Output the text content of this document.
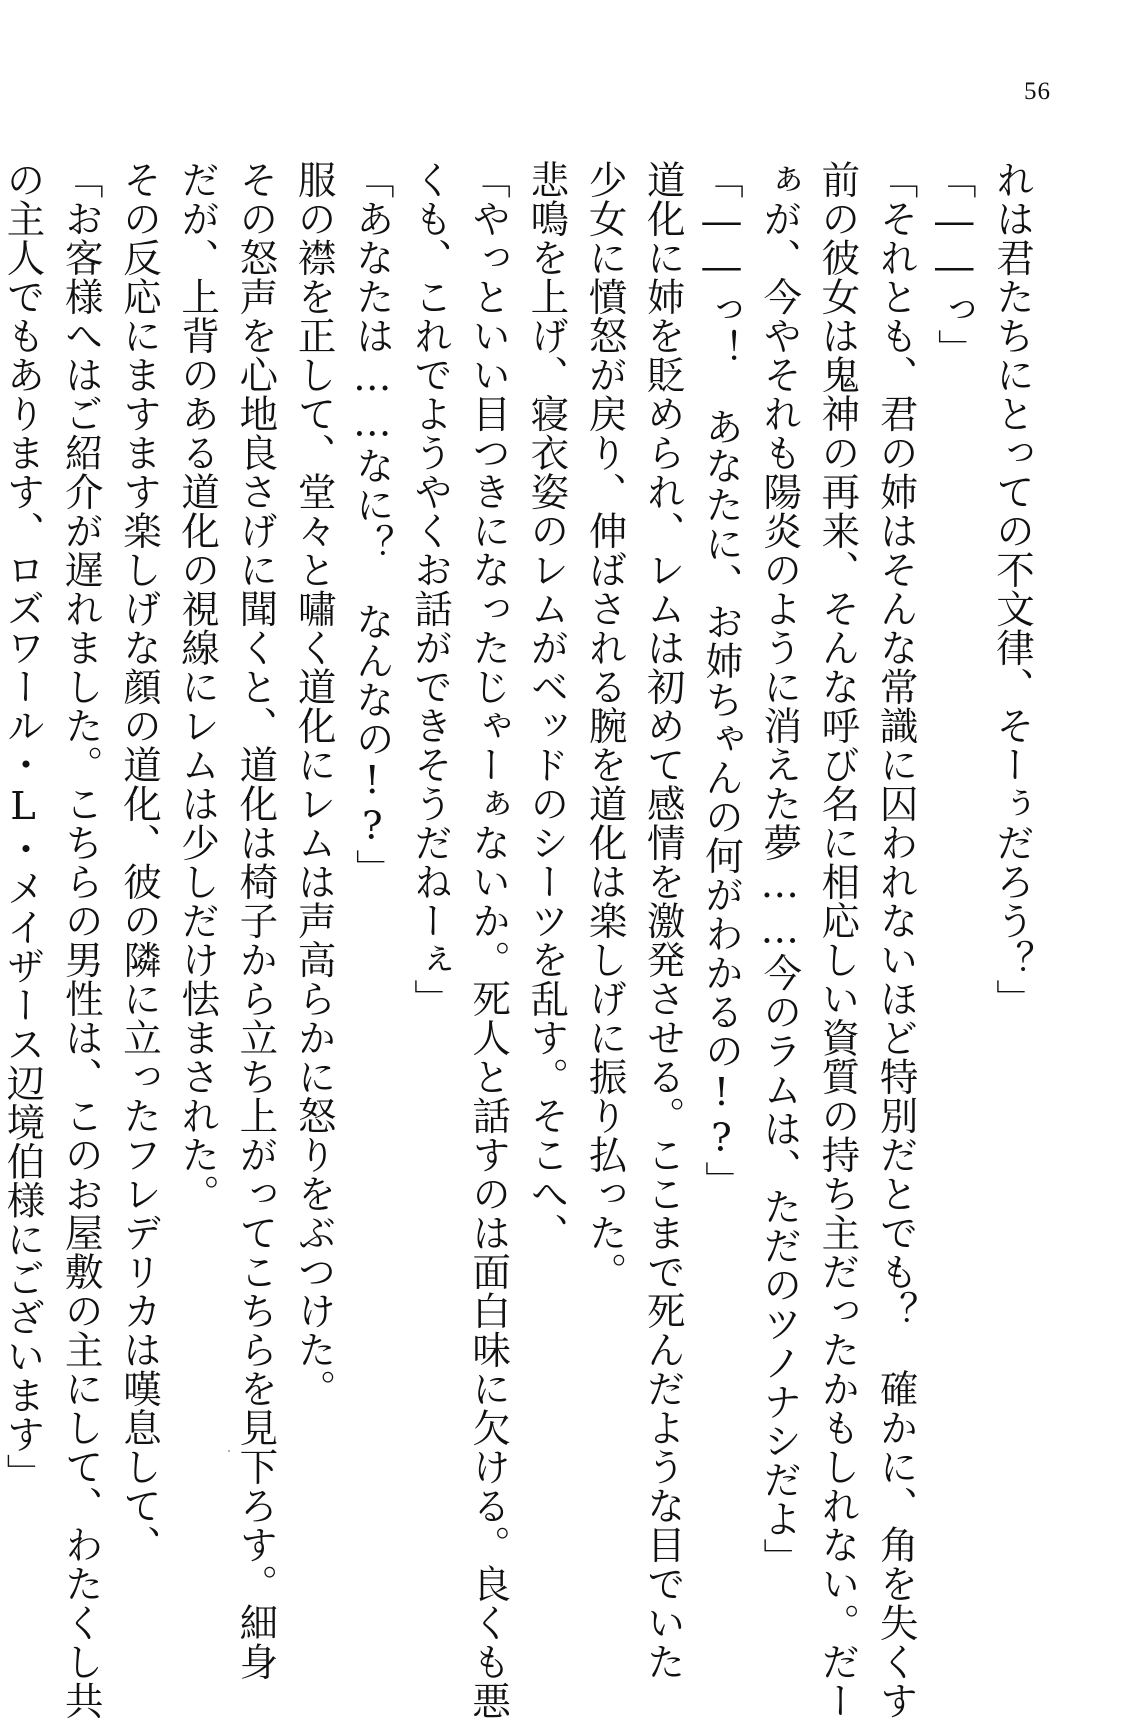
56
れは君たちにとっての不文律、そーぅだろう？」
「――っ」
「それとも、君の姉はそんな常識に囚われないほど特別だとでも？　確かに、角を失くす
前の彼女は鬼神の再来、そんな呼び名に相応しい資質の持ち主だったかもしれない。だー
ぁが、今やそれも陽炎のように消えた夢……今のラムは、ただのツノナシだよ」
「――っ！　あなたに、お姉ちゃんの何がわかるの!?」
道化に姉を貶められ、レムは初めて感情を激発させる。ここまで死んだような目でいた
少女に憤怒が戻り、伸ばされる腕を道化は楽しげに振り払った。
悲鳴を上げ、寝衣姿のレムがベッドのシーツを乱す。そこへ、
「やっといい目つきになったじゃーぁないか。死人と話すのは面白味に欠ける。良くも悪
くも、これでようやくお話ができそうだねーぇ」
「あなたは……なに？　なんなの!?」
服の襟を正して、堂々と嘯く道化にレムは声高らかに怒りをぶつけた。
その怒声を心地良さげに聞くと、道化は椅子から立ち上がってこちらを見下ろす。細身
だが、上背のある道化の視線にレムは少しだけ怯まされた。
その反応にますます楽しげな顔の道化、彼の隣に立ったフレデリカは嘆息して、
「お客様へはご紹介が遅れました。こちらの男性は、このお屋敷の主にして、わたくし共
の主人でもあります、ロズワール・L・メイザース辺境伯様にございます」
